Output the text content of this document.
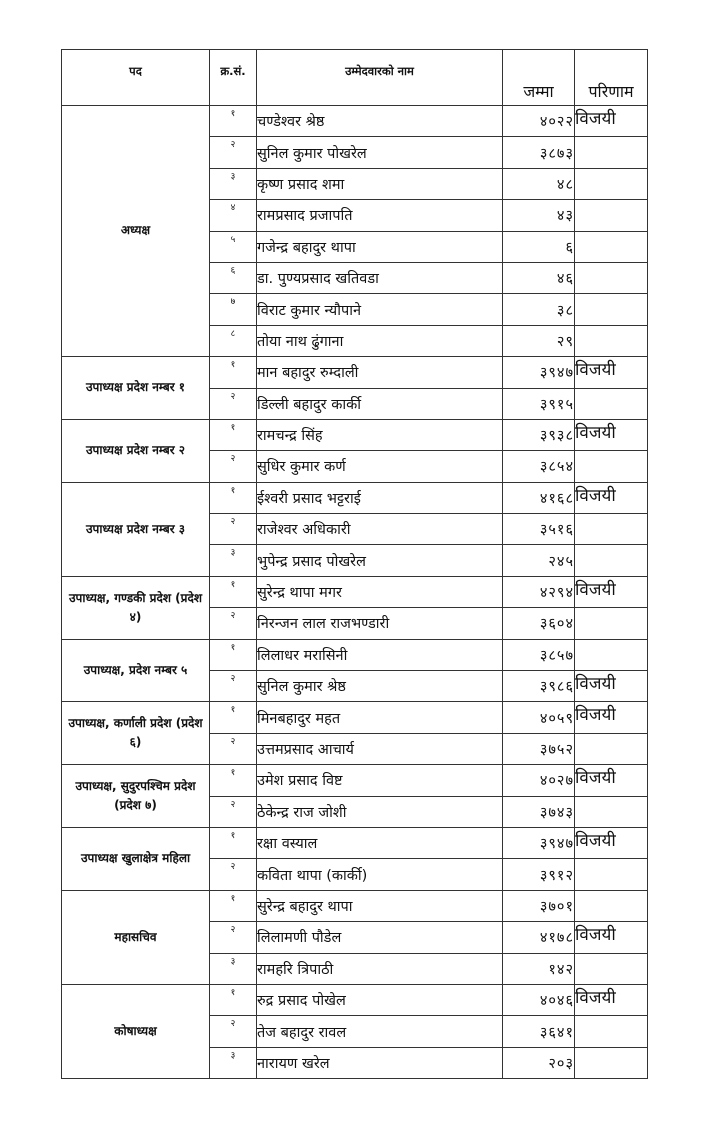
पद	क्र.सं.	उम्मेदवारको नाम	जम्मा	परिणाम
अध्यक्ष	१	चण्डेश्वर श्रेष्ठ	४०२२	विजयी
	२	सुनिल कुमार पोखरेल	३८७३	
	३	कृष्ण प्रसाद शमा	४८	
	४	रामप्रसाद प्रजापति	४३	
	५	गजेन्द्र बहादुर थापा	६	
	६	डा. पुण्यप्रसाद खतिवडा	४६	
	७	विराट कुमार न्यौपाने	३८	
	८	तोया नाथ ढुंगाना	२९	
उपाध्यक्ष प्रदेश नम्बर १	१	मान बहादुर रुम्दाली	३९४७	विजयी
	२	डिल्ली बहादुर कार्की	३९१५	
उपाध्यक्ष प्रदेश नम्बर २	१	रामचन्द्र सिंह	३९३८	विजयी
	२	सुधिर कुमार कर्ण	३८५४	
उपाध्यक्ष प्रदेश नम्बर ३	१	ईश्वरी प्रसाद भट्टराई	४१६८	विजयी
	२	राजेश्वर अधिकारी	३५१६	
	३	भुपेन्द्र प्रसाद पोखरेल	२४५	
उपाध्यक्ष, गण्डकी प्रदेश (प्रदेश ४)	१	सुरेन्द्र थापा मगर	४२९४	विजयी
	२	निरन्जन लाल राजभण्डारी	३६०४	
उपाध्यक्ष, प्रदेश नम्बर ५	१	लिलाधर मरासिनी	३८५७	
	२	सुनिल कुमार श्रेष्ठ	३९८६	विजयी
उपाध्यक्ष, कर्णाली प्रदेश (प्रदेश ६)	१	मिनबहादुर महत	४०५९	विजयी
	२	उत्तमप्रसाद आचार्य	३७५२	
उपाध्यक्ष, सुदुरपश्चिम प्रदेश (प्रदेश ७)	१	उमेश प्रसाद विष्ट	४०२७	विजयी
	२	ठेकेन्द्र राज जोशी	३७४३	
उपाध्यक्ष खुलाक्षेत्र महिला	१	रक्षा वस्याल	३९४७	विजयी
	२	कविता थापा (कार्की)	३९१२	
महासचिव	१	सुरेन्द्र बहादुर थापा	३७०१	
	२	लिलामणी पौडेल	४१७८	विजयी
	३	रामहरि त्रिपाठी	१४२	
कोषाध्यक्ष	१	रुद्र प्रसाद पोखेल	४०४६	विजयी
	२	तेज बहादुर रावल	३६४१	
	३	नारायण खरेल	२०३	
